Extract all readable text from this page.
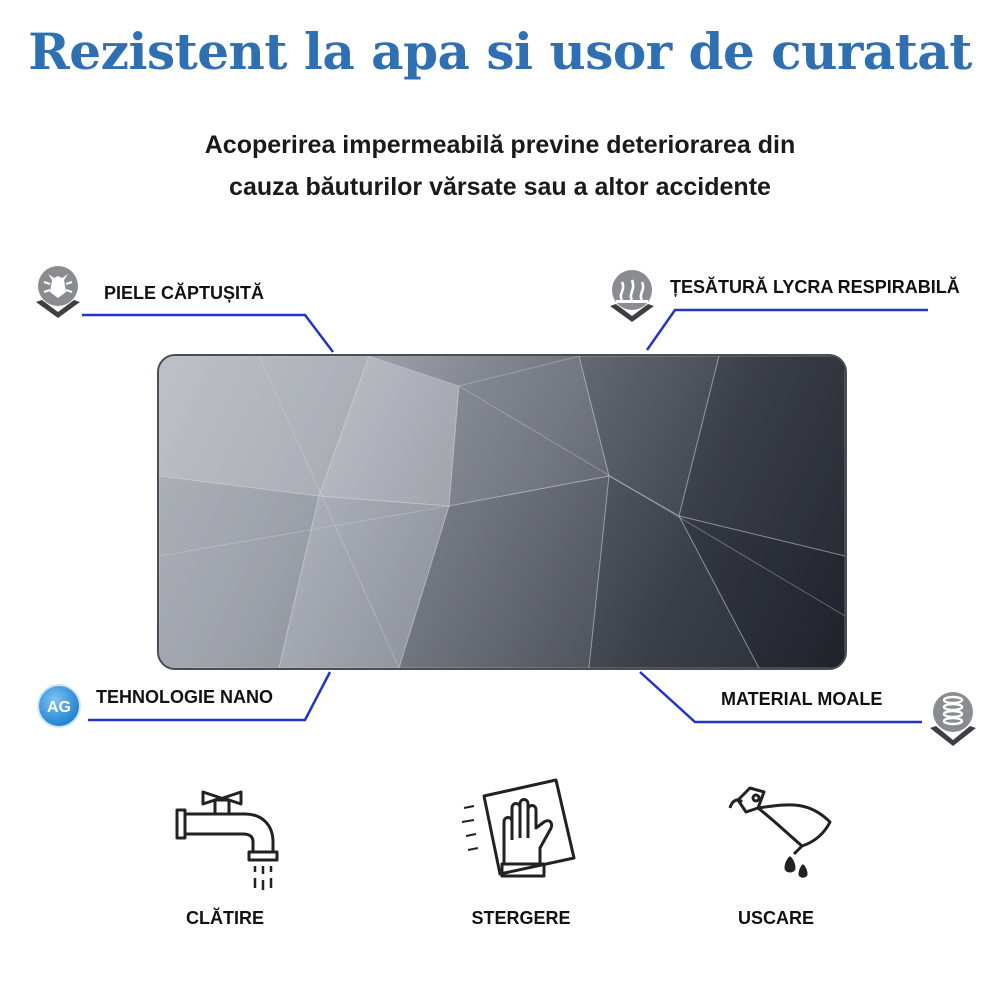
Rezistent la apa si usor de curatat
Acoperirea impermeabilă previne deteriorarea din
cauza băuturilor vărsate sau a altor accidente
PIELE CĂPTUȘITĂ	ȚESĂTURĂ LYCRA RESPIRABILĂ
AG
TEHNOLOGIE NANO	MATERIAL MOALE
CLĂTIRE	STERGERE	USCARE
